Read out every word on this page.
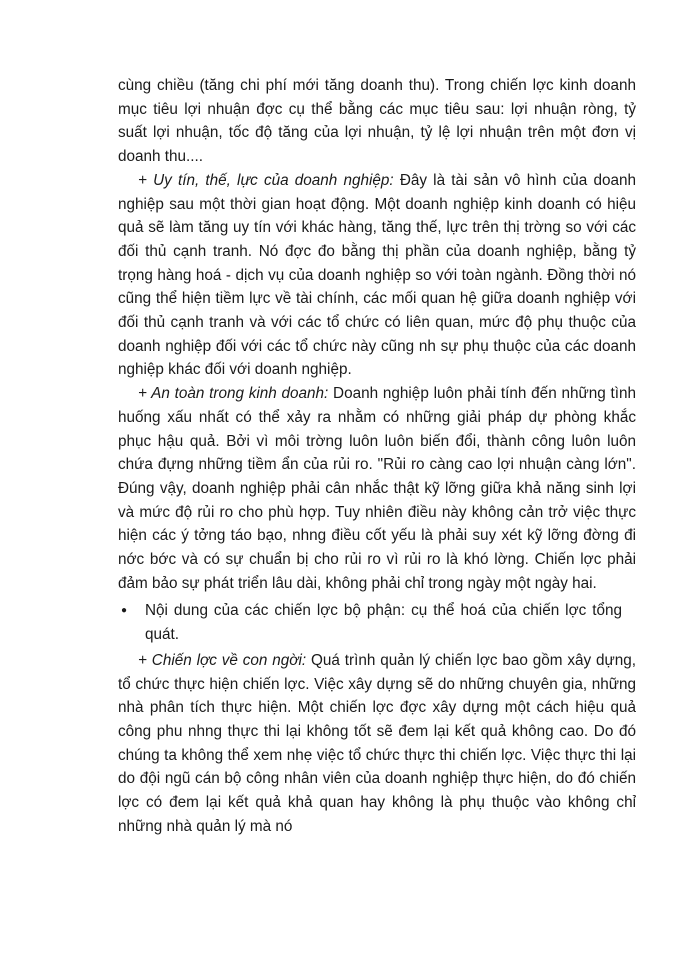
cùng chiều (tăng chi phí mới tăng doanh thu). Trong chiến lợc kinh doanh mục tiêu lợi nhuận đợc cụ thể bằng các mục tiêu sau: lợi nhuận ròng, tỷ suất lợi nhuận, tốc độ tăng của lợi nhuận, tỷ lệ lợi nhuận trên một đơn vị doanh thu....

+ Uy tín, thế, lực của doanh nghiệp: Đây là tài sản vô hình của doanh nghiệp sau một thời gian hoạt động. Một doanh nghiệp kinh doanh có hiệu quả sẽ làm tăng uy tín với khác hàng, tăng thế, lực trên thị trờng so với các đối thủ cạnh tranh. Nó đợc đo bằng thị phần của doanh nghiệp, bằng tỷ trọng hàng hoá - dịch vụ của doanh nghiệp so với toàn ngành. Đồng thời nó cũng thể hiện tiềm lực về tài chính, các mối quan hệ giữa doanh nghiệp với đối thủ cạnh tranh và với các tổ chức có liên quan, mức độ phụ thuộc của doanh nghiệp đối với các tổ chức này cũng nh sự phụ thuộc của các doanh nghiệp khác đối với doanh nghiệp.

+ An toàn trong kinh doanh: Doanh nghiệp luôn phải tính đến những tình huống xấu nhất có thể xảy ra nhằm có những giải pháp dự phòng khắc phục hậu quả. Bởi vì môi trờng luôn luôn biến đổi, thành công luôn luôn chứa đựng những tiềm ẩn của rủi ro. "Rủi ro càng cao lợi nhuận càng lớn". Đúng vậy, doanh nghiệp phải cân nhắc thật kỹ lỡng giữa khả năng sinh lợi và mức độ rủi ro cho phù hợp. Tuy nhiên điều này không cản trở việc thực hiện các ý tởng táo bạo, nhng điều cốt yếu là phải suy xét kỹ lỡng đờng đi nớc bớc và có sự chuẩn bị cho rủi ro vì rủi ro là khó lờng. Chiến lợc phải đảm bảo sự phát triển lâu dài, không phải chỉ trong ngày một ngày hai.

●	Nội dung của các chiến lợc bộ phận: cụ thể hoá của chiến lợc tổng quát.

+ Chiến lợc về con ngời: Quá trình quản lý chiến lợc bao gồm xây dựng, tổ chức thực hiện chiến lợc. Việc xây dựng sẽ do những chuyên gia, những nhà phân tích thực hiện. Một chiến lợc đợc xây dựng một cách hiệu quả công phu nhng thực thi lại không tốt sẽ đem lại kết quả không cao. Do đó chúng ta không thể xem nhẹ việc tổ chức thực thi chiến lợc. Việc thực thi lại do đội ngũ cán bộ công nhân viên của doanh nghiệp thực hiện, do đó chiến lợc có đem lại kết quả khả quan hay không là phụ thuộc vào không chỉ những nhà quản lý mà nó
